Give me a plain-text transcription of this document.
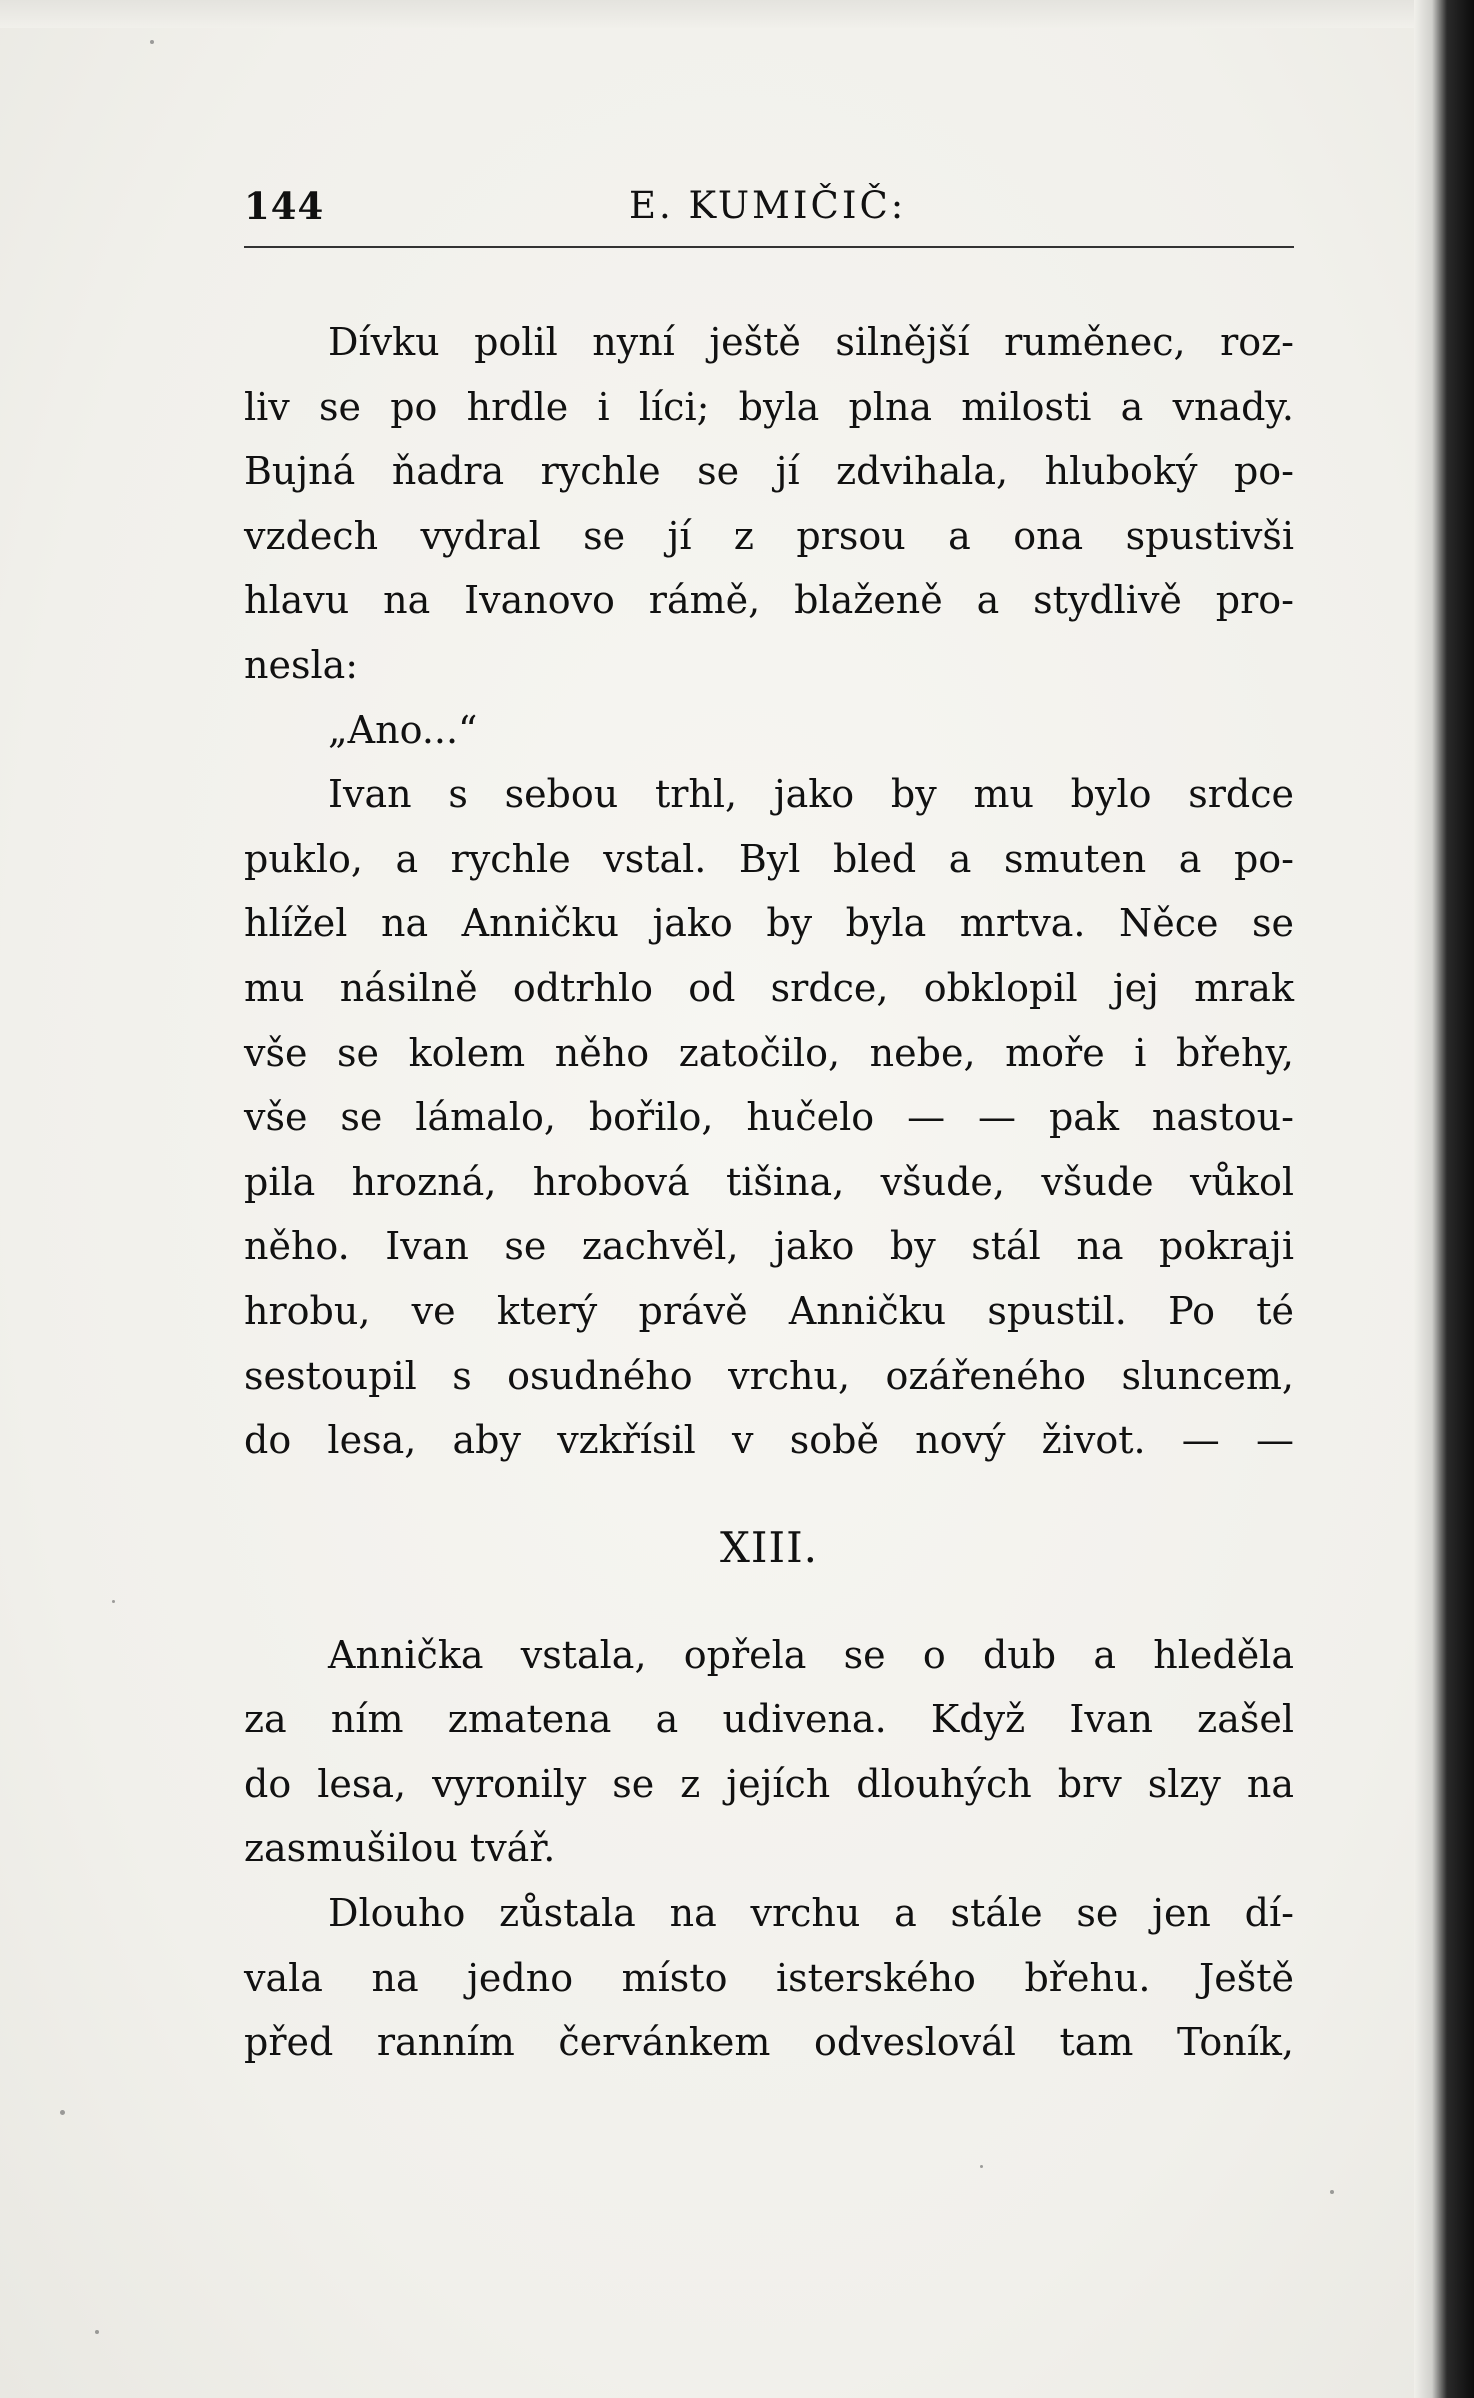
144	E. KUMIČIČ:
Dívku polil nyní ještě silnější ruměnec, roz-
liv se po hrdle i líci; byla plna milosti a vnady.
Bujná ňadra rychle se jí zdvihala, hluboký po-
vzdech vydral se jí z prsou a ona spustivši
hlavu na Ivanovo rámě, blaženě a stydlivě pro-
nesla:
„Ano...“
Ivan s sebou trhl, jako by mu bylo srdce
puklo, a rychle vstal. Byl bled a smuten a po-
hlížel na Anničku jako by byla mrtva. Něce se
mu násilně odtrhlo od srdce, obklopil jej mrak
vše se kolem něho zatočilo, nebe, moře i břehy,
vše se lámalo, bořilo, hučelo — — pak nastou-
pila hrozná, hrobová tišina, všude, všude vůkol
něho. Ivan se zachvěl, jako by stál na pokraji
hrobu, ve který právě Anničku spustil. Po té
sestoupil s osudného vrchu, ozářeného sluncem,
do lesa, aby vzkřísil v sobě nový život. — —
XIII.
Annička vstala, opřela se o dub a hleděla
za ním zmatena a udivena. Když Ivan zašel
do lesa, vyronily se z jejích dlouhých brv slzy na
zasmušilou tvář.
Dlouho zůstala na vrchu a stále se jen dí-
vala na jedno místo isterského břehu. Ještě
před ranním červánkem odveslovál tam Toník,
